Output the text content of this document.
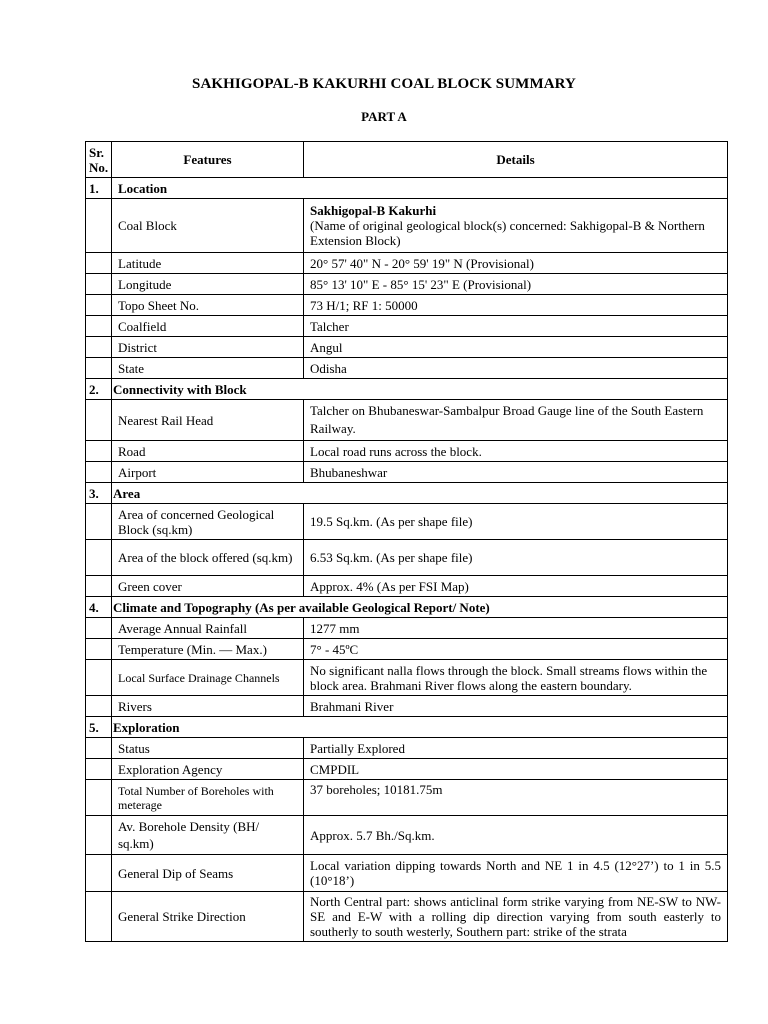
SAKHIGOPAL-B KAKURHI COAL BLOCK SUMMARY
PART A
Sr.
No.	Features	Details
1.	Location	
	Coal Block	Sakhigopal-B Kakurhi
(Name of original geological block(s) concerned: Sakhigopal-B & Northern Extension Block)
	Latitude	20° 57' 40" N - 20° 59' 19" N (Provisional)
	Longitude	85° 13' 10" E - 85° 15' 23" E (Provisional)
	Topo Sheet No.	73 H/1; RF 1: 50000
	Coalfield	Talcher
	District	Angul
	State	Odisha
2.	Connectivity with Block	
	Nearest Rail Head	Talcher on Bhubaneswar-Sambalpur Broad Gauge line of the South Eastern Railway.
	Road	Local road runs across the block.
	Airport	Bhubaneshwar
3.	Area	
	Area of concerned Geological Block (sq.km)	19.5 Sq.km. (As per shape file)
	Area of the block offered (sq.km)	6.53 Sq.km. (As per shape file)
	Green cover	Approx. 4% (As per FSI Map)
4.	Climate and Topography (As per available Geological Report/ Note)	
	Average Annual Rainfall	1277 mm
	Temperature (Min. — Max.)	7° - 45ºC
	Local Surface Drainage Channels	No significant nalla flows through the block. Small streams flows within the block area. Brahmani River flows along the eastern boundary.
	Rivers	Brahmani River
5.	Exploration	
	Status	Partially Explored
	Exploration Agency	CMPDIL
	Total Number of Boreholes with meterage	37 boreholes; 10181.75m
	Av. Borehole Density (BH/ sq.km)	Approx. 5.7 Bh./Sq.km.
	General Dip of Seams	Local variation dipping towards North and NE 1 in 4.5 (12°27’) to 1 in 5.5 (10°18’)
	General Strike Direction	North Central part: shows anticlinal form strike varying from NE-SW to NW-SE and E-W with a rolling dip direction varying from south easterly to southerly to south westerly, Southern part: strike of the strata
